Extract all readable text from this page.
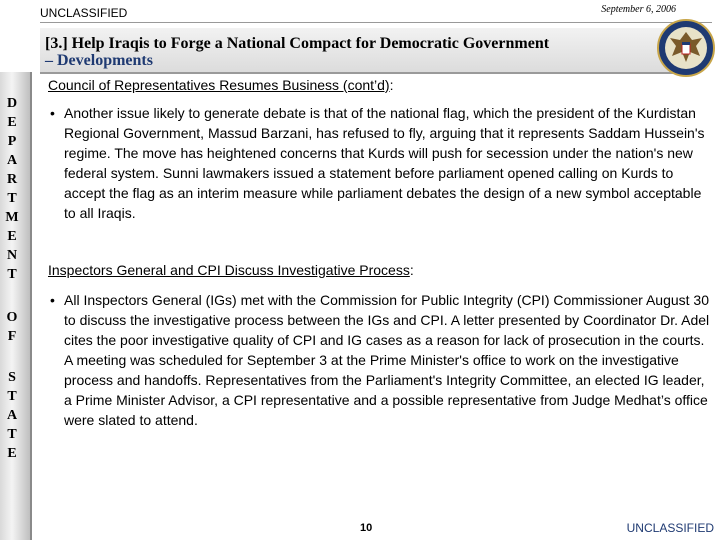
UNCLASSIFIED	September 6, 2006
[3.] Help Iraqis to Forge a National Compact for Democratic Government
– Developments
D
E
P
A
R
T
M
E
N
T
O
F
S
T
A
T
E
Council of Representatives Resumes Business (cont’d):
• Another issue likely to generate debate is that of the national flag, which the president of the Kurdistan Regional Government, Massud Barzani, has refused to fly, arguing that it represents Saddam Hussein's regime. The move has heightened concerns that Kurds will push for secession under the nation's new federal system. Sunni lawmakers issued a statement before parliament opened calling on Kurds to accept the flag as an interim measure while parliament debates the design of a new symbol acceptable to all Iraqis.
Inspectors General and CPI Discuss Investigative Process:
• All Inspectors General (IGs) met with the Commission for Public Integrity (CPI) Commissioner August 30 to discuss the investigative process between the IGs and CPI. A letter presented by Coordinator Dr. Adel cites the poor investigative quality of CPI and IG cases as a reason for lack of prosecution in the courts. A meeting was scheduled for September 3 at the Prime Minister's office to work on the investigative process and handoffs. Representatives from the Parliament's Integrity Committee, an elected IG leader, a Prime Minister Advisor, a CPI representative and a possible representative from Judge Medhat’s office were slated to attend.
10	UNCLASSIFIED
